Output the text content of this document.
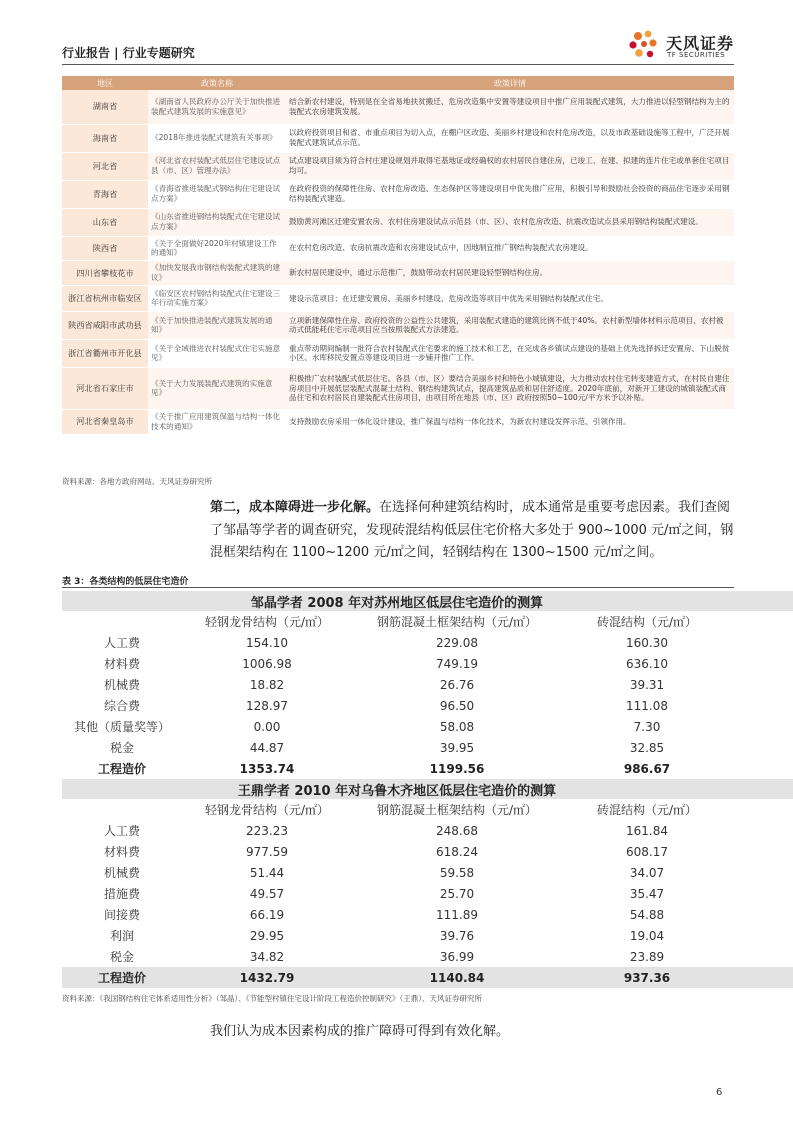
行业报告 | 行业专题研究	天风证券
TF SECURITIES
地区	政策名称	政策详情
湖南省	《湖南省人民政府办公厅关于加快推进装配式建筑发展的实施意见》	结合新农村建设，特别是在全省易地扶贫搬迁、危房改造集中安置等建设项目中推广应用装配式建筑，大力推进以轻型钢结构为主的装配式农房建筑发展。
海南省	《2018年推进装配式建筑有关事项》	以政府投资项目和省、市重点项目为切入点，在棚户区改造、美丽乡村建设和农村危房改造，以及市政基础设施等工程中，广泛开展装配式建筑试点示范。
河北省	《河北省农村装配式低层住宅建设试点县（市、区）管理办法》	试点建设项目须为符合村庄建设规划并取得宅基地证或经确权的农村居民自建住房，已竣工、在建、拟建的连片住宅或单套住宅项目均可。
青海省	《青海省推进装配式钢结构住宅建设试点方案》	在政府投资的保障性住房、农村危房改造、生态保护区等建设项目中优先推广应用，积极引导和鼓励社会投资的商品住宅逐步采用钢结构装配式建造。
山东省	《山东省推进钢结构装配式住宅建设试点方案》	鼓励黄河滩区迁建安置农房、农村住房建设试点示范县（市、区）、农村危房改造、抗震改造试点县采用钢结构装配式建设。
陕西省	《关于全面做好2020年村镇建设工作的通知》	在农村危房改造、农房抗震改造和农房建设试点中，因地制宜推广钢结构装配式农房建设。
四川省攀枝花市	《加快发展我市钢结构装配式建筑的建议》	新农村居民建设中，通过示范推广，鼓励带动农村居民建设轻型钢结构住房。
浙江省杭州市临安区	《临安区农村钢结构装配式住宅建设三年行动实施方案》	建设示范项目；在迁建安置房、美丽乡村建设、危房改造等项目中优先采用钢结构装配式住宅。
陕西省咸阳市武功县	《关于加快推进装配式建筑发展的通知》	立项新建保障性住房、政府投资的公益性公共建筑，采用装配式建造的建筑比例不低于40%。农村新型墙体材料示范项目、农村被动式低能耗住宅示范项目应当按照装配式方法建造。
浙江省衢州市开化县	《关于全域推进农村装配式住宅实施意见》	重点带动期间编制一批符合农村装配式住宅要求的施工技术和工艺，在完成各乡镇试点建设的基础上优先选择拆迁安置房、下山脱贫小区、水库移民安置点等建设项目进一步铺开推广工作。
河北省石家庄市	《关于大力发展装配式建筑的实施意见》	积极推广农村装配式低层住宅。各县（市、区）要结合美丽乡村和特色小城镇建设，大力推动农村住宅转变建造方式，在村民自建住房项目中开展低层装配式混凝土结构、钢结构建筑试点，提高建筑品质和居住舒适度。2020年底前，对新开工建设的城镇装配式商品住宅和农村居民自建装配式住房项目，由项目所在地县（市、区）政府按照50~100元/平方米予以补贴。
河北省秦皇岛市	《关于推广应用建筑保温与结构一体化技术的通知》	支持鼓励农房采用一体化设计建设，推广保温与结构一体化技术，为新农村建设发挥示范、引领作用。
资料来源：各地方政府网站、天风证券研究所
第二，成本障碍进一步化解。在选择何种建筑结构时，成本通常是重要考虑因素。我们查阅了邹晶等学者的调查研究，发现砖混结构低层住宅价格大多处于 900~1000 元/㎡之间，钢混框架结构在 1100~1200 元/㎡之间，轻钢结构在 1300~1500 元/㎡之间。
表 3：各类结构的低层住宅造价
邹晶学者 2008 年对苏州地区低层住宅造价的测算				
	轻钢龙骨结构（元/㎡）	钢筋混凝土框架结构（元/㎡）	砖混结构（元/㎡）	
人工费	154.10	229.08	160.30	
材料费	1006.98	749.19	636.10	
机械费	18.82	26.76	39.31	
综合费	128.97	96.50	111.08	
其他（质量奖等）	0.00	58.08	7.30	
税金	44.87	39.95	32.85	
工程造价	1353.74	1199.56	986.67	
王鼎学者 2010 年对乌鲁木齐地区低层住宅造价的测算				
	轻钢龙骨结构（元/㎡）	钢筋混凝土框架结构（元/㎡）	砖混结构（元/㎡）	
人工费	223.23	248.68	161.84	
材料费	977.59	618.24	608.17	
机械费	51.44	59.58	34.07	
措施费	49.57	25.70	35.47	
间接费	66.19	111.89	54.88	
利润	29.95	39.76	19.04	
税金	34.82	36.99	23.89	
工程造价	1432.79	1140.84	937.36	
资料来源：《我国钢结构住宅体系适用性分析》（邹晶）、《节能型村镇住宅设计阶段工程造价控制研究》（王鼎）、天风证券研究所
我们认为成本因素构成的推广障碍可得到有效化解。
6
